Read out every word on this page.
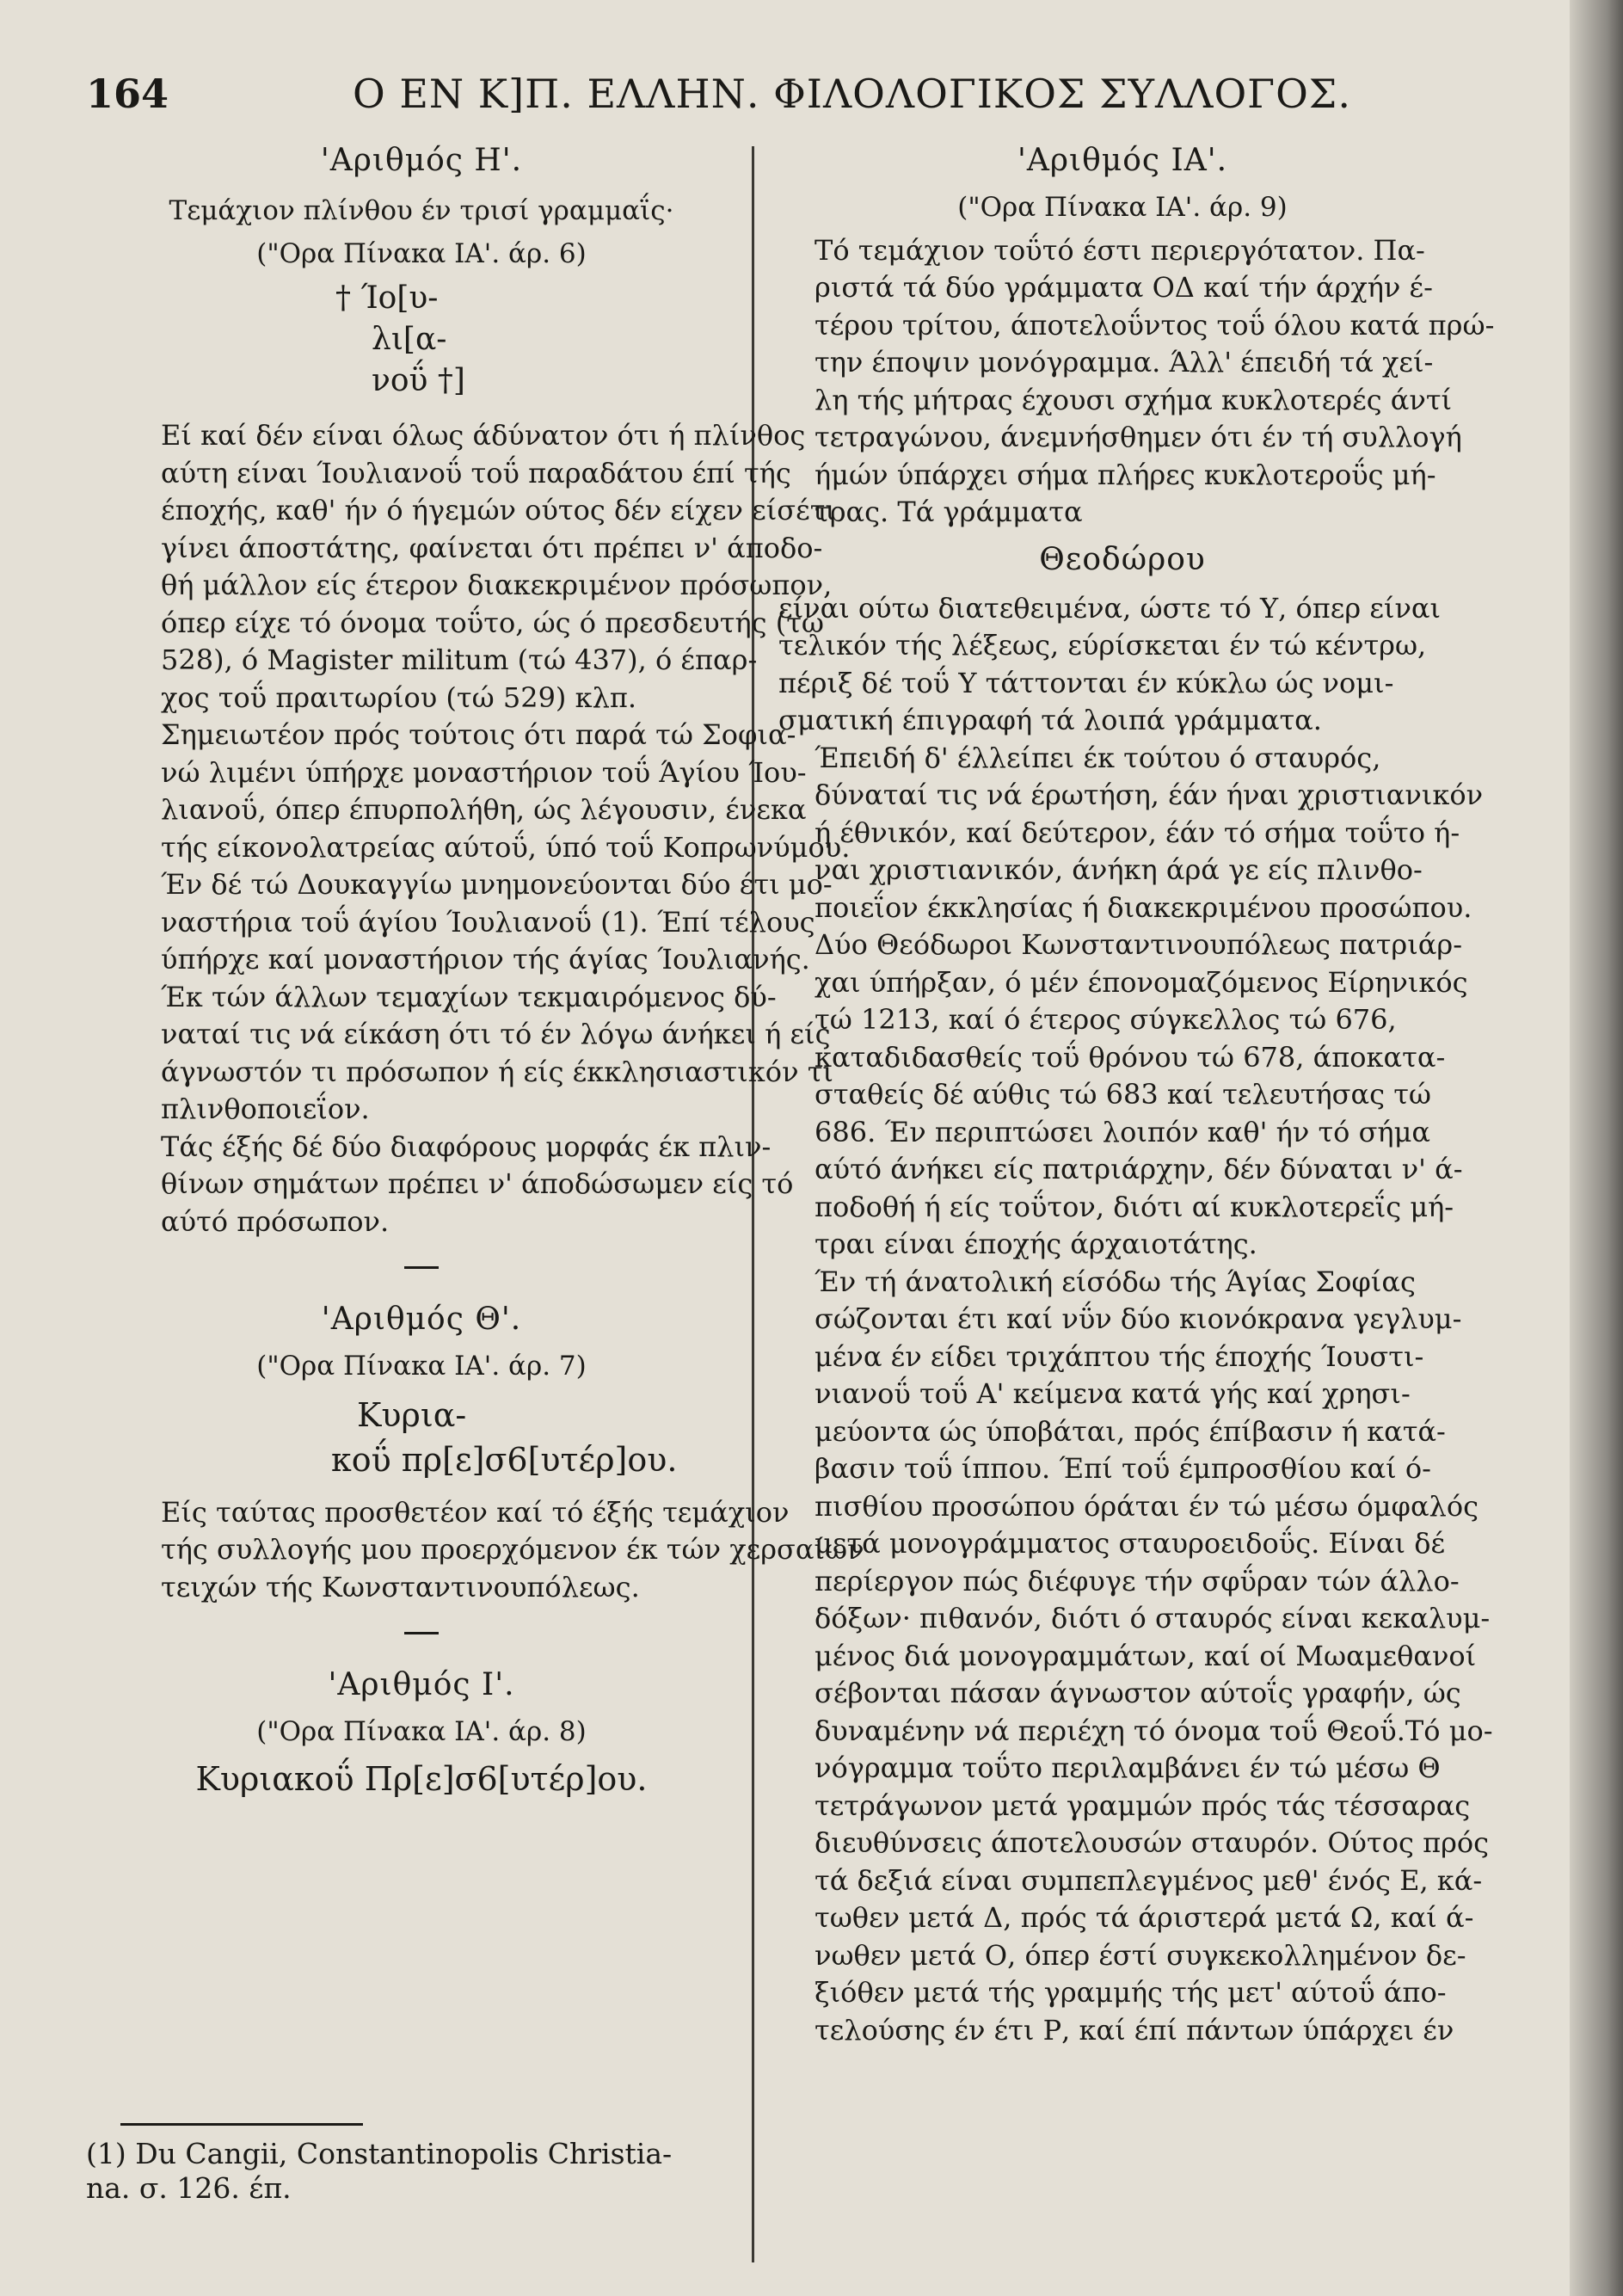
164	Ο ΕΝ Κ]Π. ΕΛΛΗΝ. ΦΙΛΟΛΟΓΙΚΟΣ ΣΥΛΛΟΓΟΣ.
'Αριθμός Η'.
Τεμάχιον πλίνθου έν τρισί γραμμαΐς·
("Ορα Πίνακα ΙΑ'. άρ. 6)
† Ίο[υ-
λι[α-
νοΰ †]

Εί καί δέν είναι όλως άδύνατον ότι ή πλίνθος
αύτη είναι Ίουλιανοΰ τοΰ παραδάτου έπί τής
έποχής, καθ' ήν ό ήγεμών ούτος δέν είχεν είσέτι
γίνει άποστάτης, φαίνεται ότι πρέπει ν' άποδο-
θή μάλλον είς έτερον διακεκριμένον πρόσωπον,
όπερ είχε τό όνομα τοΰτο, ώς ό πρεσδευτής (τώ
528), ό Magister militum (τώ 437), ό έπαρ-
χος τοΰ πραιτωρίου (τώ 529) κλπ.

Σημειωτέον πρός τούτοις ότι παρά τώ Σοφια-
νώ λιμένι ύπήρχε μοναστήριον τοΰ Άγίου Ίου-
λιανοΰ, όπερ έπυρπολήθη, ώς λέγουσιν, ένεκα
τής είκονολατρείας αύτοΰ, ύπό τοΰ Κοπρωνύμου.
Έν δέ τώ Δουκαγγίω μνημονεύονται δύο έτι μο-
ναστήρια τοΰ άγίου Ίουλιανοΰ (1). Έπί τέλους
ύπήρχε καί μοναστήριον τής άγίας Ίουλιανής.

Έκ τών άλλων τεμαχίων τεκμαιρόμενος δύ-
ναταί τις νά είκάση ότι τό έν λόγω άνήκει ή είς
άγνωστόν τι πρόσωπον ή είς έκκλησιαστικόν τι
πλινθοποιεΐον.

Τάς έξής δέ δύο διαφόρους μορφάς έκ πλιν-
θίνων σημάτων πρέπει ν' άποδώσωμεν είς τό
αύτό πρόσωπον.

'Αριθμός Θ'.
("Ορα Πίνακα ΙΑ'. άρ. 7)
Κυρια-
κοΰ πρ[ε]σ6[υτέρ]ου.

Είς ταύτας προσθετέον καί τό έξής τεμάχιον
τής συλλογής μου προερχόμενον έκ τών χερσαίων
τειχών τής Κωνσταντινουπόλεως.

'Αριθμός Ι'.
("Ορα Πίνακα ΙΑ'. άρ. 8)
Κυριακοΰ Πρ[ε]σ6[υτέρ]ου.
(1) Du Cangii, Constantinopolis Christia-
na. σ. 126. έπ.
'Αριθμός ΙΑ'.
("Ορα Πίνακα ΙΑ'. άρ. 9)

Τό τεμάχιον τοΰτό έστι περιεργότατον. Πα-
ριστά τά δύο γράμματα ΟΔ καί τήν άρχήν έ-
τέρου τρίτου, άποτελοΰντος τοΰ όλου κατά πρώ-
την έποψιν μονόγραμμα. Άλλ' έπειδή τά χεί-
λη τής μήτρας έχουσι σχήμα κυκλοτερές άντί
τετραγώνου, άνεμνήσθημεν ότι έν τή συλλογή
ήμών ύπάρχει σήμα πλήρες κυκλοτεροΰς μή-
τρας. Τά γράμματα

Θεοδώρου

είναι ούτω διατεθειμένα, ώστε τό Υ, όπερ είναι
τελικόν τής λέξεως, εύρίσκεται έν τώ κέντρω,
πέριξ δέ τοΰ Υ τάττονται έν κύκλω ώς νομι-
σματική έπιγραφή τά λοιπά γράμματα.

Έπειδή δ' έλλείπει έκ τούτου ό σταυρός,
δύναταί τις νά έρωτήση, έάν ήναι χριστιανικόν
ή έθνικόν, καί δεύτερον, έάν τό σήμα τοΰτο ή-
ναι χριστιανικόν, άνήκη άρά γε είς πλινθο-
ποιεΐον έκκλησίας ή διακεκριμένου προσώπου.

Δύο Θεόδωροι Κωνσταντινουπόλεως πατριάρ-
χαι ύπήρξαν, ό μέν έπονομαζόμενος Είρηνικός
τώ 1213, καί ό έτερος σύγκελλος τώ 676,
καταδιδασθείς τοΰ θρόνου τώ 678, άποκατα-
σταθείς δέ αύθις τώ 683 καί τελευτήσας τώ
686. Έν περιπτώσει λοιπόν καθ' ήν τό σήμα
αύτό άνήκει είς πατριάρχην, δέν δύναται ν' ά-
ποδοθή ή είς τοΰτον, διότι αί κυκλοτερεΐς μή-
τραι είναι έποχής άρχαιοτάτης.

Έν τή άνατολική είσόδω τής Άγίας Σοφίας
σώζονται έτι καί νΰν δύο κιονόκρανα γεγλυμ-
μένα έν είδει τριχάπτου τής έποχής Ίουστι-
νιανοΰ τοΰ Α' κείμενα κατά γής καί χρησι-
μεύοντα ώς ύποβάται, πρός έπίβασιν ή κατά-
βασιν τοΰ ίππου. Έπί τοΰ έμπροσθίου καί ό-
πισθίου προσώπου όράται έν τώ μέσω όμφαλός
μετά μονογράμματος σταυροειδοΰς. Είναι δέ
περίεργον πώς διέφυγε τήν σφΰραν τών άλλο-
δόξων· πιθανόν, διότι ό σταυρός είναι κεκαλυμ-
μένος διά μονογραμμάτων, καί οί Μωαμεθανοί
σέβονται πάσαν άγνωστον αύτοΐς γραφήν, ώς
δυναμένην νά περιέχη τό όνομα τοΰ Θεοΰ.Τό μο-
νόγραμμα τοΰτο περιλαμβάνει έν τώ μέσω Θ
τετράγωνον μετά γραμμών πρός τάς τέσσαρας
διευθύνσεις άποτελουσών σταυρόν. Ούτος πρός
τά δεξιά είναι συμπεπλεγμένος μεθ' ένός Ε, κά-
τωθεν μετά Δ, πρός τά άριστερά μετά Ω, καί ά-
νωθεν μετά Ο, όπερ έστί συγκεκολλημένον δε-
ξιόθεν μετά τής γραμμής τής μετ' αύτοΰ άπο-
τελούσης έν έτι Ρ, καί έπί πάντων ύπάρχει έν
